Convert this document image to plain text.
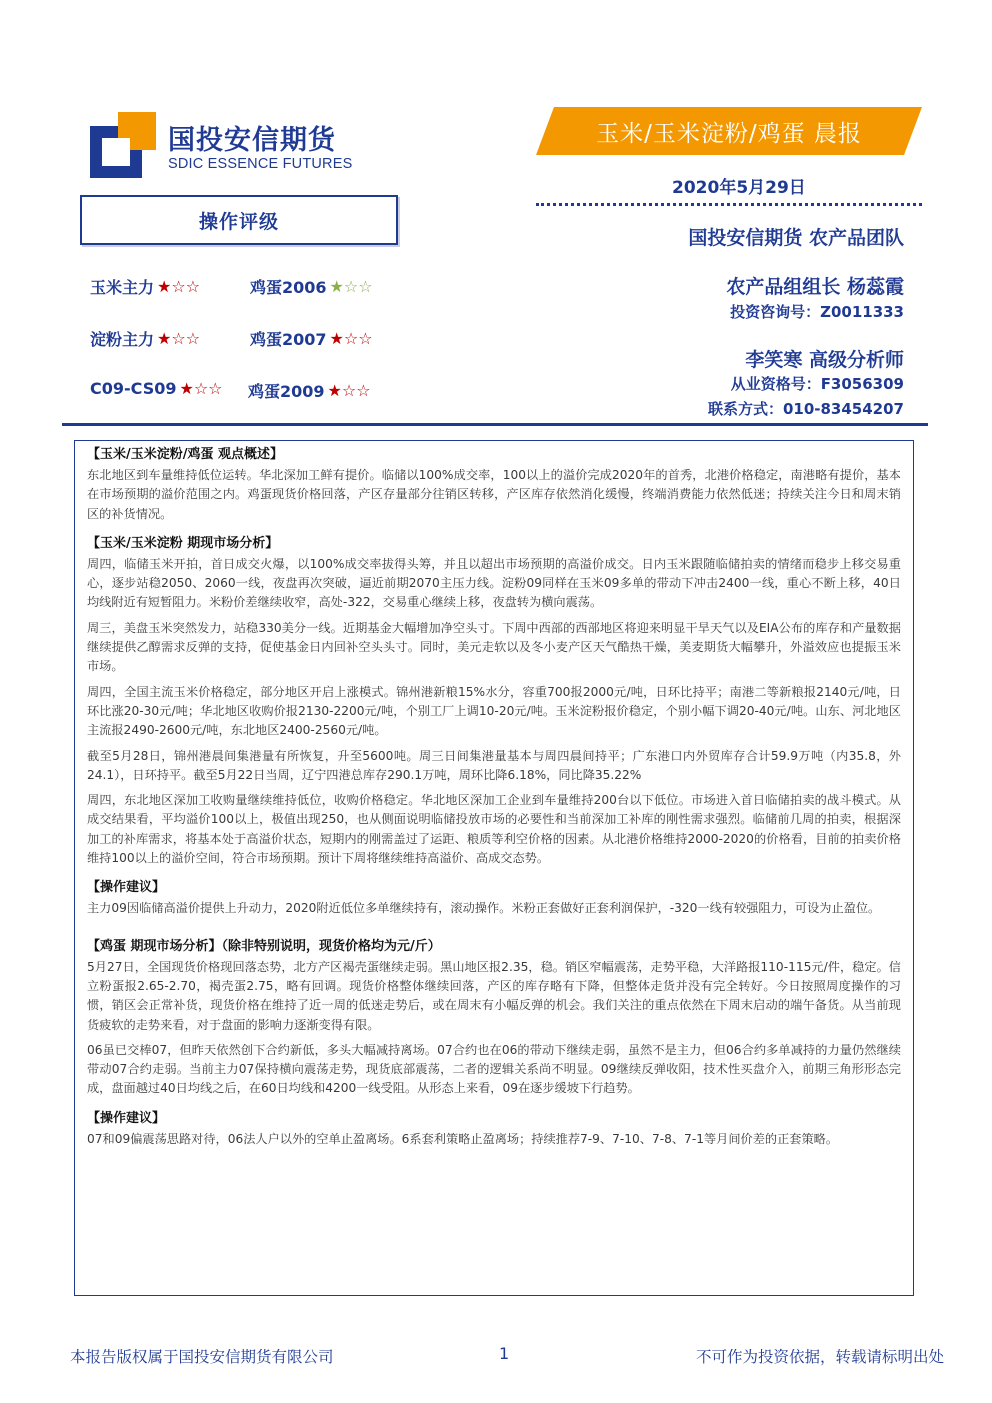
国投安信期货
SDIC ESSENCE FUTURES
玉米/玉米淀粉/鸡蛋 晨报
2020年5月29日
操作评级
玉米主力 ★☆☆	鸡蛋2006 ★☆☆
淀粉主力 ★☆☆	鸡蛋2007 ★☆☆
C09-CS09 ★☆☆ 鸡蛋2009 ★☆☆
国投安信期货 农产品团队
农产品组组长 杨蕊霞
投资咨询号：Z0011333
李笑寒 高级分析师
从业资格号：F3056309
联系方式：010-83454207
【玉米/玉米淀粉/鸡蛋 观点概述】
东北地区到车量维持低位运转。华北深加工鲜有提价。临储以100%成交率，100以上的溢价完成2020年的首秀，北港价格稳定，南港略有提价，基本在市场预期的溢价范围之内。鸡蛋现货价格回落，产区存量部分往销区转移，产区库存依然消化缓慢，终端消费能力依然低迷；持续关注今日和周末销区的补货情况。
【玉米/玉米淀粉 期现市场分析】
周四，临储玉米开拍，首日成交火爆，以100%成交率拔得头筹，并且以超出市场预期的高溢价成交。日内玉米跟随临储拍卖的情绪而稳步上移交易重心，逐步站稳2050、2060一线，夜盘再次突破，逼近前期2070主压力线。淀粉09同样在玉米09多单的带动下冲击2400一线，重心不断上移，40日均线附近有短暂阻力。米粉价差继续收窄，高处-322，交易重心继续上移，夜盘转为横向震荡。
周三，美盘玉米突然发力，站稳330美分一线。近期基金大幅增加净空头寸。下周中西部的西部地区将迎来明显干旱天气以及EIA公布的库存和产量数据继续提供乙醇需求反弹的支持，促使基金日内回补空头头寸。同时，美元走软以及冬小麦产区天气酷热干燥，美麦期货大幅攀升，外溢效应也提振玉米市场。
周四，全国主流玉米价格稳定，部分地区开启上涨模式。锦州港新粮15%水分，容重700报2000元/吨，日环比持平；南港二等新粮报2140元/吨，日环比涨20-30元/吨；华北地区收购价报2130-2200元/吨，个别工厂上调10-20元/吨。玉米淀粉报价稳定，个别小幅下调20-40元/吨。山东、河北地区主流报2490-2600元/吨，东北地区2400-2560元/吨。
截至5月28日，锦州港晨间集港量有所恢复，升至5600吨。周三日间集港量基本与周四晨间持平；广东港口内外贸库存合计59.9万吨（内35.8，外24.1），日环持平。截至5月22日当周，辽宁四港总库存290.1万吨，周环比降6.18%，同比降35.22%
周四，东北地区深加工收购量继续维持低位，收购价格稳定。华北地区深加工企业到车量维持200台以下低位。市场进入首日临储拍卖的战斗模式。从成交结果看，平均溢价100以上，极值出现250，也从侧面说明临储投放市场的必要性和当前深加工补库的刚性需求强烈。临储前几周的拍卖，根据深加工的补库需求，将基本处于高溢价状态，短期内的刚需盖过了运距、粮质等利空价格的因素。从北港价格维持2000-2020的价格看，目前的拍卖价格维持100以上的溢价空间，符合市场预期。预计下周将继续维持高溢价、高成交态势。
【操作建议】
主力09因临储高溢价提供上升动力，2020附近低位多单继续持有，滚动操作。米粉正套做好正套利润保护，-320一线有较强阻力，可设为止盈位。
【鸡蛋 期现市场分析】（除非特别说明，现货价格均为元/斤）
5月27日，全国现货价格现回落态势，北方产区褐壳蛋继续走弱。黑山地区报2.35，稳。销区窄幅震荡，走势平稳，大洋路报110-115元/件，稳定。信立粉蛋报2.65-2.70，褐壳蛋2.75，略有回调。现货价格整体继续回落，产区的库存略有下降，但整体走货并没有完全转好。今日按照周度操作的习惯，销区会正常补货，现货价格在维持了近一周的低迷走势后，或在周末有小幅反弹的机会。我们关注的重点依然在下周末启动的端午备货。从当前现货疲软的走势来看，对于盘面的影响力逐渐变得有限。
06虽已交棒07，但昨天依然创下合约新低，多头大幅减持离场。07合约也在06的带动下继续走弱，虽然不是主力，但06合约多单减持的力量仍然继续带动07合约走弱。当前主力07保持横向震荡走势，现货底部震荡，二者的逻辑关系尚不明显。09继续反弹收阳，技术性买盘介入，前期三角形形态完成，盘面越过40日均线之后，在60日均线和4200一线受阻。从形态上来看，09在逐步缓坡下行趋势。
【操作建议】
07和09偏震荡思路对待，06法人户以外的空单止盈离场。6系套利策略止盈离场；持续推荐7-9、7-10、7-8、7-1等月间价差的正套策略。
本报告版权属于国投安信期货有限公司	1	不可作为投资依据，转载请标明出处
